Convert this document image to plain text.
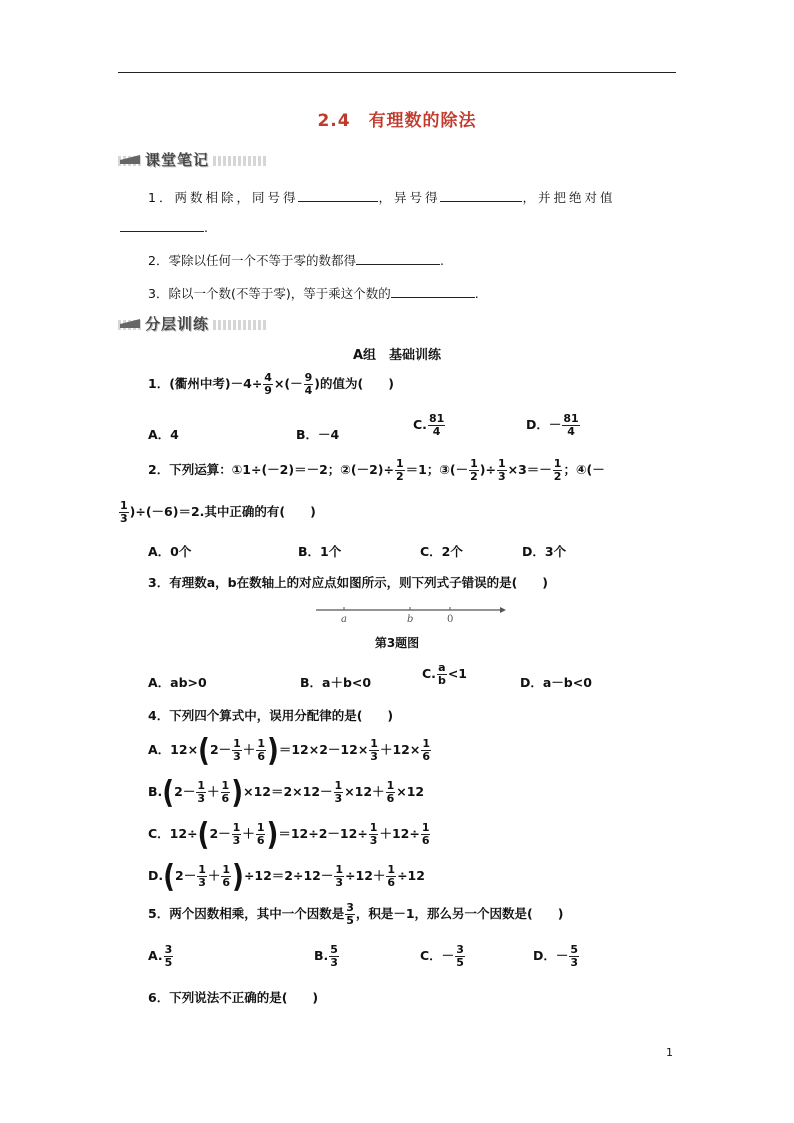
2.4 有理数的除法
课堂笔记
1．两数相除，同号得	，异号得	，并把绝对值
.
2．零除以任何一个不等于零的数都得	.
3．除以一个数(不等于零)，等于乘这个数的	.
分层训练
A组　基础训练
1．(衢州中考)$-4\div \frac{4}{9}$ ×(－ $\frac{9}{4}$ )的值为(　　)
A．4	B．－4
C. $\frac{81}{4}$	D．－ $\frac{81}{4}$
2．下列运算：①1÷(－2)＝－2；②(－2)÷ $\frac{1}{2} =1$；③(－ $\frac{1}{2}$ )÷ $\frac{1}{3} \times 3=- \frac{1}{2}$ ；④(－
$\frac{1}{3} )\div(-6)=2$.其中正确的有(　　)
A．0个	B．1个	C．2个	D．3个
3．有理数a，b在数轴上的对应点如图所示，则下列式子错误的是(　　)
a	b	0
第3题图
A．ab>0	B．a＋b<0
C. $\frac{a}{b} <1$
D．a－b<0
4．下列四个算式中，误用分配律的是(　　)
A．$12\times(2- \frac{1}{3} + \frac{1}{6} )=12\times 2-12\times \frac{1}{3} +12\times \frac{1}{6}$
$B.(2- \frac{1}{3} + \frac{1}{6} )\times 12=2\times 12- \frac{1}{3} \times 12+ \frac{1}{6} \times 12$
C．$12\div(2- \frac{1}{3} + \frac{1}{6} )=12\div 2-12\div \frac{1}{3} +12\div \frac{1}{6}$
$D.(2- \frac{1}{3} + \frac{1}{6} )\div 12=2\div 12- \frac{1}{3} \div 12+ \frac{1}{6} \div 12$
5．两个因数相乘，其中一个因数是 $\frac{3}{5}$ ，积是－1，那么另一个因数是(　　)
A. $\frac{3}{5}$	B. $\frac{5}{3}$	C．－ $\frac{3}{5}$	D．－ $\frac{5}{3}$
6．下列说法不正确的是(　　)
1
